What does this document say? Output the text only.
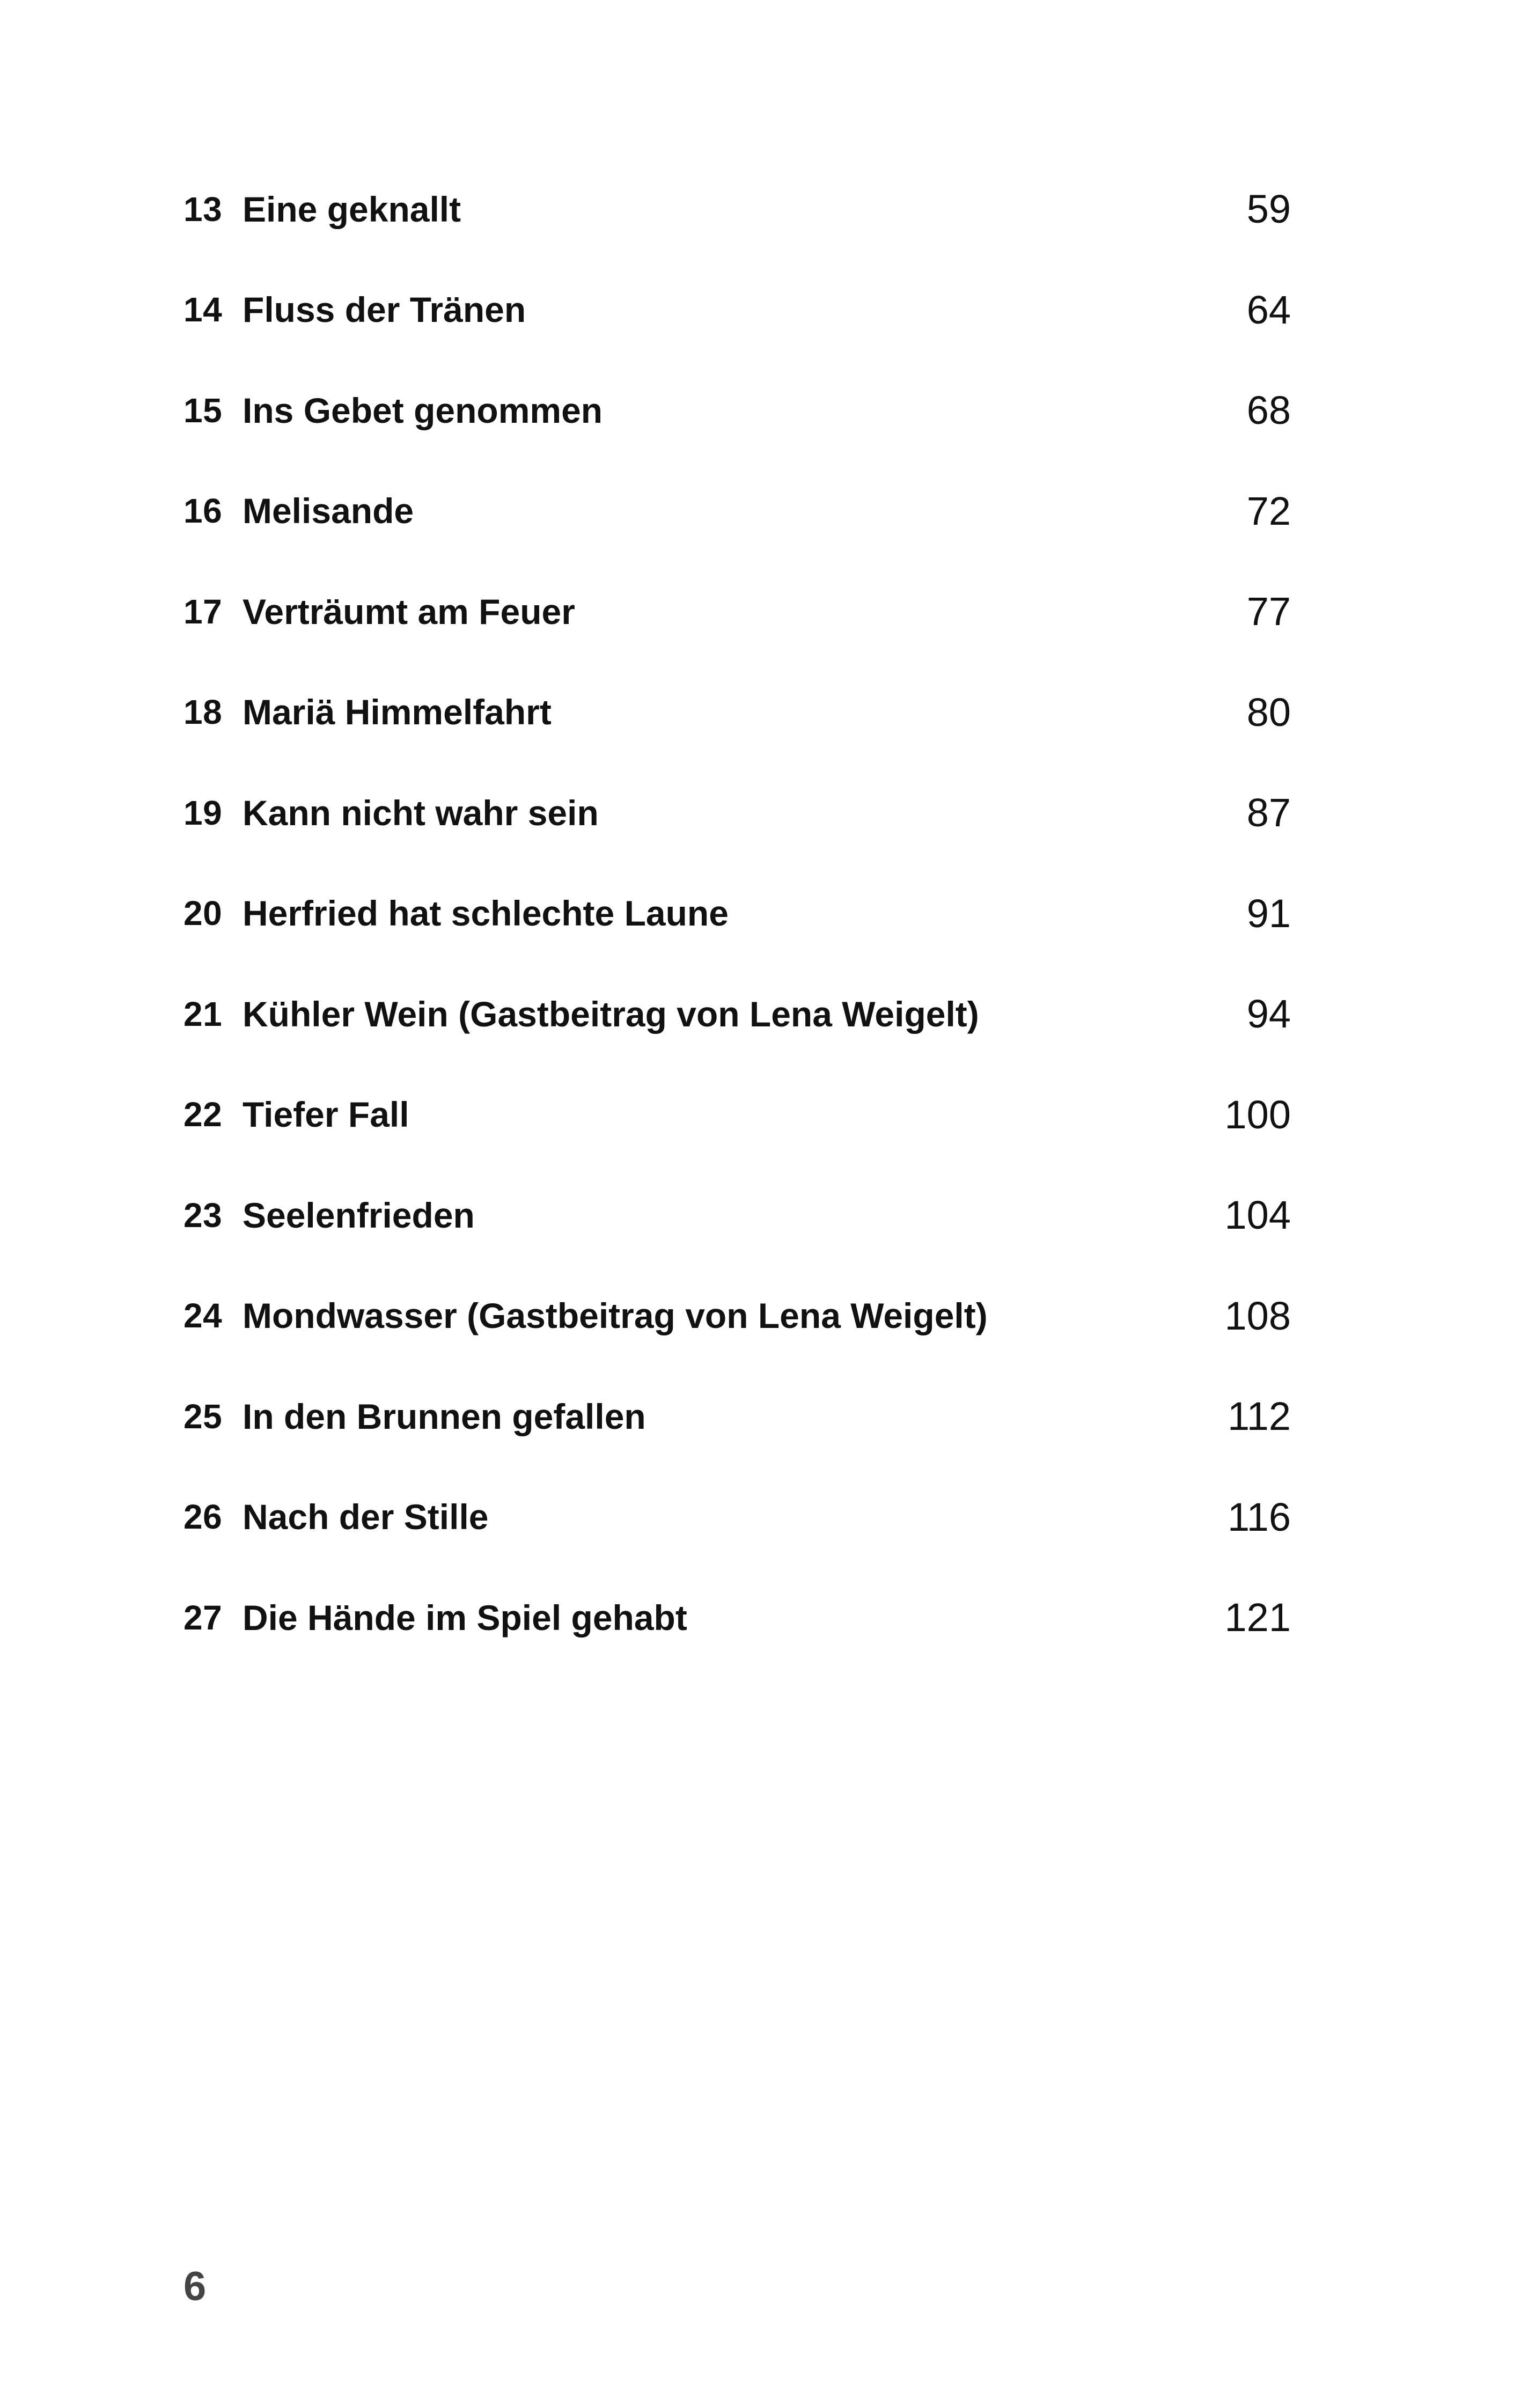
13 Eine geknallt	59
14 Fluss der Tränen	64
15 Ins Gebet genommen	68
16 Melisande	72
17 Verträumt am Feuer	77
18 Mariä Himmelfahrt	80
19 Kann nicht wahr sein	87
20 Herfried hat schlechte Laune	91
21 Kühler Wein (Gastbeitrag von Lena Weigelt)	94
22 Tiefer Fall	100
23 Seelenfrieden	104
24 Mondwasser (Gastbeitrag von Lena Weigelt)	108
25 In den Brunnen gefallen	112
26 Nach der Stille	116
27 Die Hände im Spiel gehabt	121
6
